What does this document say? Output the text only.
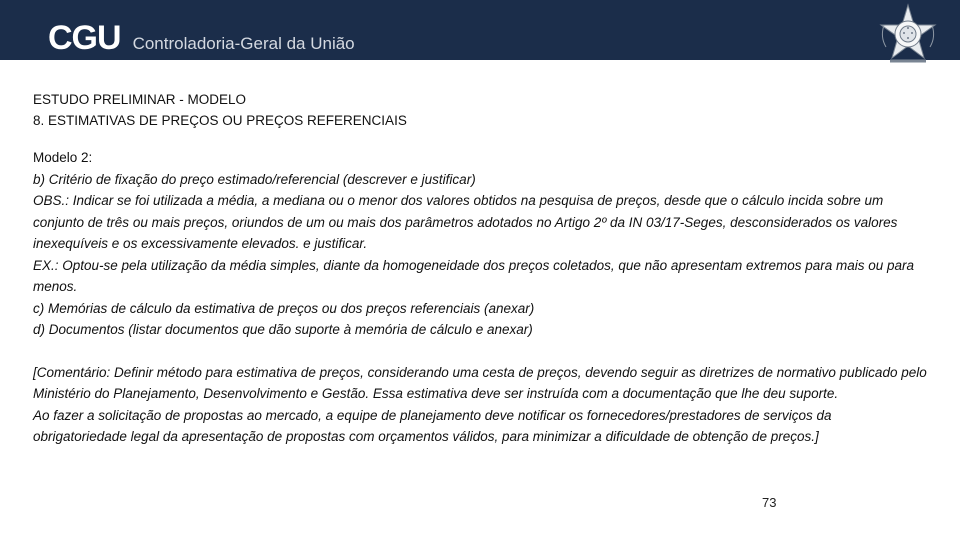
CGU Controladoria-Geral da União
ESTUDO PRELIMINAR - MODELO
8. ESTIMATIVAS DE PREÇOS OU PREÇOS REFERENCIAIS

Modelo 2:

b) Critério de fixação do preço estimado/referencial (descrever e justificar)

OBS.: Indicar se foi utilizada a média, a mediana ou o menor dos valores obtidos na pesquisa de preços, desde que o cálculo incida sobre um conjunto de três ou mais preços, oriundos de um ou mais dos parâmetros adotados no Artigo 2º da IN 03/17-Seges, desconsiderados os valores inexequíveis e os excessivamente elevados. e justificar.

EX.: Optou-se pela utilização da média simples, diante da homogeneidade dos preços coletados, que não apresentam extremos para mais ou para menos.

c) Memórias de cálculo da estimativa de preços ou dos preços referenciais (anexar)

d) Documentos (listar documentos que dão suporte à memória de cálculo e anexar)

[Comentário: Definir método para estimativa de preços, considerando uma cesta de preços, devendo seguir as diretrizes de normativo publicado pelo Ministério do Planejamento, Desenvolvimento e Gestão. Essa estimativa deve ser instruída com a documentação que lhe deu suporte.

Ao fazer a solicitação de propostas ao mercado, a equipe de planejamento deve notificar os fornecedores/prestadores de serviços da obrigatoriedade legal da apresentação de propostas com orçamentos válidos, para minimizar a dificuldade de obtenção de preços.]

73
